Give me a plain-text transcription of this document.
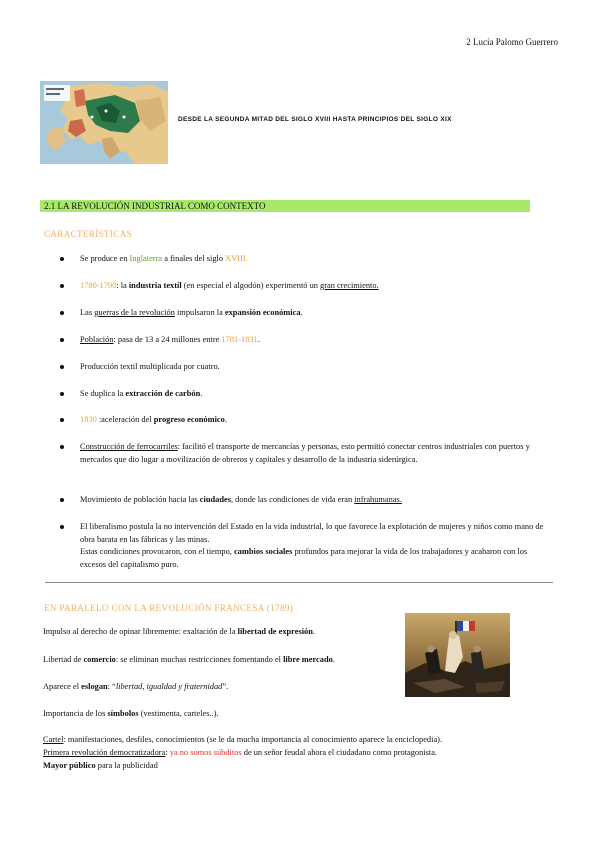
2 Lucía Palomo Guerrero
DESDE LA SEGUNDA MITAD DEL SIGLO XVIII HASTA PRINCIPIOS DEL SIGLO XIX
2.1 LA REVOLUCIÓN INDUSTRIAL COMO CONTEXTO
CARACTERÍSTICAS
Se produce en Inglaterra a finales del siglo XVIII.
1780-1790: la industria textil (en especial el algodón) experimentó un gran crecimiento.
Las guerras de la revolución impulsaron la expansión económica.
Población: pasa de 13 a 24 millones entre 1781-1831.
Producción textil multiplicada por cuatro.
Se duplica la extracción de carbón.
1830 :aceleración del progreso económico.
Construcción de ferrocarriles: facilitó el transporte de mercancías y personas, esto permitió conectar centros industriales con puertos y mercados que dio lugar a movilización de obreros y capitales y desarrollo de la industria siderúrgica.
Movimiento de población hacia las ciudades, donde las condiciones de vida eran infrahumanas.
El liberalismo postula la no intervención del Estado en la vida industrial, lo que favorece la explotación de mujeres y niños como mano de obra barata en las fábricas y las minas.
Estas condiciones provocaron, con el tiempo, cambios sociales profundos para mejorar la vida de los trabajadores y acabaron con los excesos del capitalismo puro.
EN PARALELO CON LA REVOLUCIÓN FRANCESA (1789)
Impulso al derecho de opinar libremente: exaltación de la libertad de expresión.
Libertad de comercio: se eliminan muchas restricciones fomentando el libre mercado.
Aparece el eslogan: “libertad, igualdad y fraternidad”.
Importancia de los símbolos (vestimenta, carteles..).
Cartel: manifestaciones, desfiles, conocimientos (se le da mucha importancia al conocimiento aparece la enciclopedia).
Primera revolución democratizadora: ya no somos súbditos de un señor feudal ahora el ciudadano como protagonista.
Mayor público para la publicidad
